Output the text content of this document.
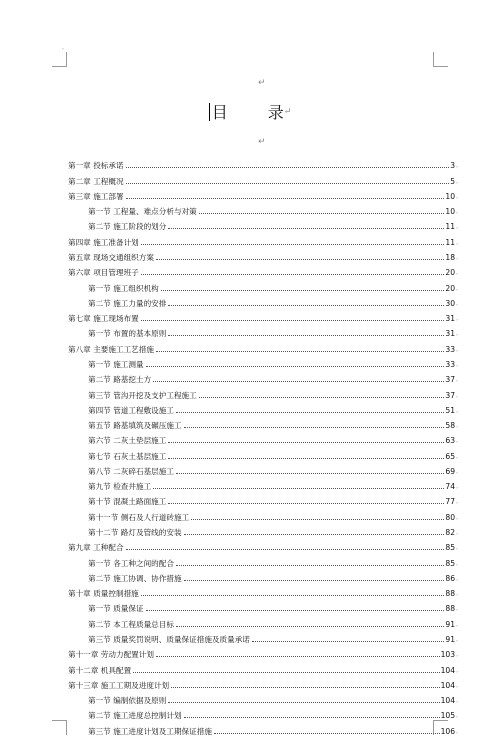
,
↵
目	录↵
↵
第一章 投标承诺	3 ,
第二章 工程概况	5 ,
第三章 施工部署	10 ,
第一节 工程量、难点分析与对策	10 ,
第二节 施工阶段的划分	11 ,
第四章 施工准备计划	11 ,
第五章 现场交通组织方案	18 ,
第六章 项目管理班子	20 ,
第一节 施工组织机构	20 ,
第二节 施工力量的安排	30 ,
第七章 施工现场布置	31 ,
第一节 布置的基本原则	31 ,
第八章 主要施工工艺措施	33 ,
第一节 施工测量	33 ,
第二节 路基挖土方	37 ,
第三节 管沟开挖及支护工程施工	37 ,
第四节 管道工程敷设施工	51 ,
第五节 路基填筑及碾压施工	58 ,
第六节 二灰土垫层施工	63 ,
第七节 石灰土基层施工	65 ,
第八节 二灰碎石基层施工	69 ,
第九节 检查井施工	74 ,
第十节 混凝土路面施工	77 ,
第十一节 侧石及人行道砖施工	80 ,
第十二节 路灯及管线的安装	82 ,
第九章 工种配合	85 ,
第一节 各工种之间的配合	85 ,
第二节 施工协调、协作措施	86 ,
第十章 质量控制措施	88 ,
第一节 质量保证	88 ,
第二节 本工程质量总目标	91 ,
第三节 质量奖罚说明、质量保证措施及质量承诺	91 ,
第十一章 劳动力配置计划	103 ,
第十二章 机具配置	104 ,
第十三章 施工工期及进度计划	104 ,
第一节 编制依据及原则	104 ,
第二节 施工进度总控制计划	105 ,
第三节 施工进度计划及工期保证措施	106 ,
